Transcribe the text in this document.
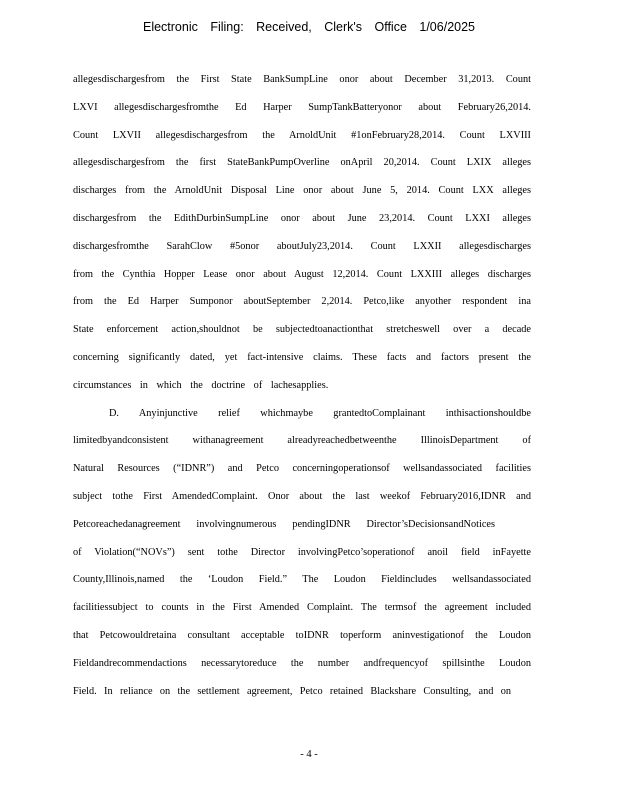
Electronic Filing: Received, Clerk's Office 1/06/2025
allegesdischargesfrom the First State BankSumpLine onor about December 31,2013. Count
LXVI allegesdischargesfromthe Ed Harper SumpTankBatteryonor about February26,2014.
Count LXVII allegesdischargesfrom the ArnoldUnit #1onFebruary28,2014. Count LXVIII
allegesdischargesfrom the first StateBankPumpOverline onApril 20,2014. Count LXIX alleges
discharges from the ArnoldUnit Disposal Line onor about June 5, 2014. Count LXX alleges
dischargesfrom the EdithDurbinSumpLine onor about June 23,2014. Count LXXI alleges
dischargesfromthe SarahClow #5onor aboutJuly23,2014. Count LXXII allegesdischarges
from the Cynthia Hopper Lease onor about August 12,2014. Count LXXIII alleges discharges
from the Ed Harper Sumponor aboutSeptember 2,2014. Petco,like anyother respondent ina
State enforcement action,shouldnot be subjectedtoanactionthat stretcheswell over a decade
concerning significantly dated, yet fact-intensive claims. These facts and factors present the
circumstances in which the doctrine of lachesapplies.
D. Anyinjunctive relief whichmaybe grantedtoComplainant inthisactionshouldbe
limitedbyandconsistent withanagreement alreadyreachedbetweenthe IllinoisDepartment of
Natural Resources (“IDNR”) and Petco concerningoperationsof wellsandassociated facilities
subject tothe First AmendedComplaint. Onor about the last weekof February2016,IDNR and
Petcoreachedanagreement involvingnumerous pendingIDNR Director’sDecisionsandNotices
of Violation(“NOVs”) sent tothe Director involvingPetco’soperationof anoil field inFayette
County,Illinois,named the ‘Loudon Field.” The Loudon Fieldincludes wellsandassociated
facilitiessubject to counts in the First Amended Complaint. The termsof the agreement included
that Petcowouldretaina consultant acceptable toIDNR toperform aninvestigationof the Loudon
Fieldandrecommendactions necessarytoreduce the number andfrequencyof spillsinthe Loudon
Field. In reliance on the settlement agreement, Petco retained Blackshare Consulting, and on
- 4 -
